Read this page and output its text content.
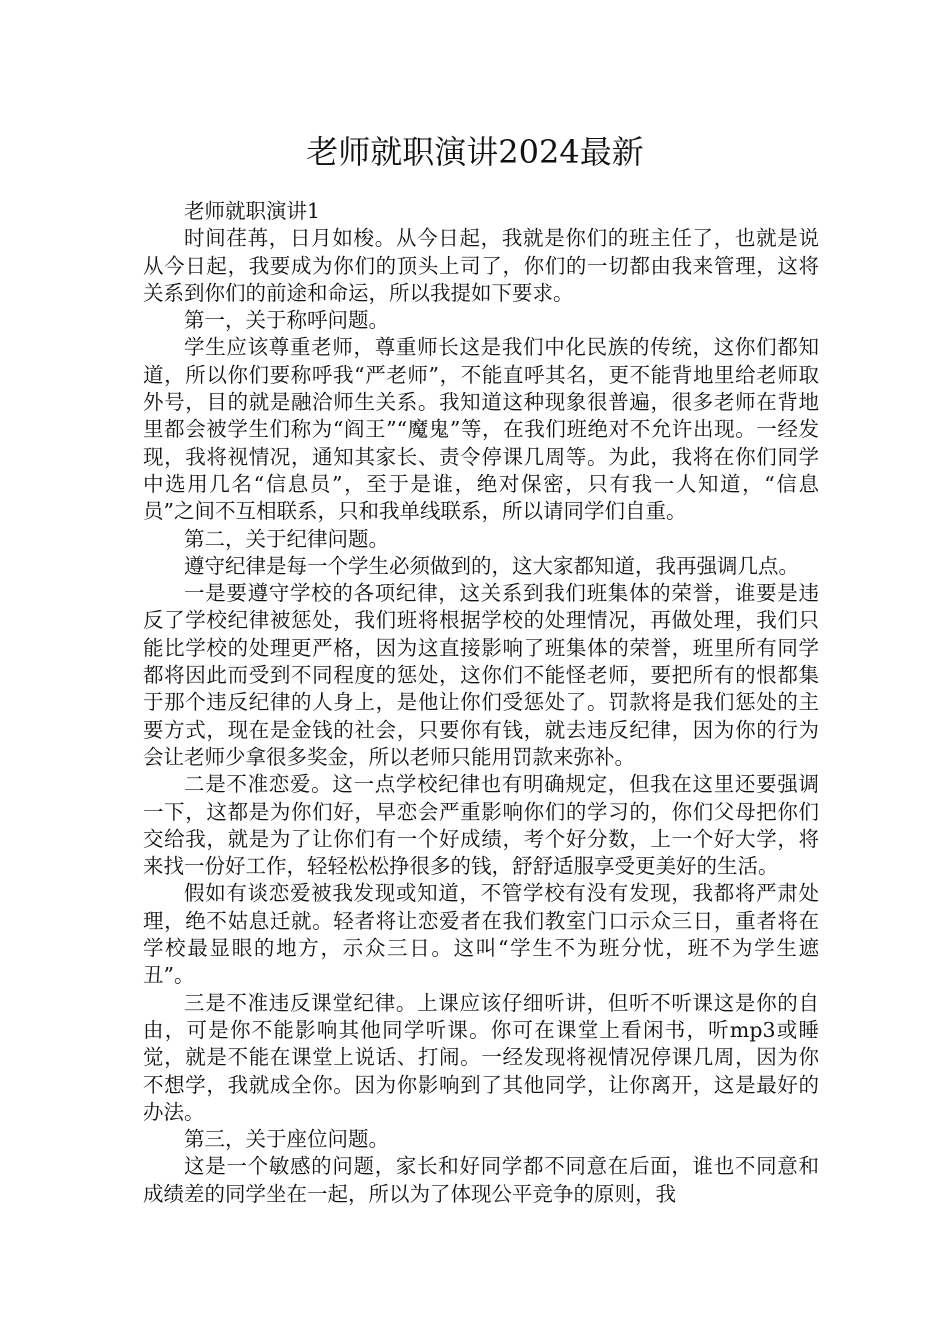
老师就职演讲2024最新

老师就职演讲1

时间荏苒，日月如梭。从今日起，我就是你们的班主任了，也就是说从今日起，我要成为你们的顶头上司了，你们的一切都由我来管理，这将关系到你们的前途和命运，所以我提如下要求。

第一，关于称呼问题。

学生应该尊重老师，尊重师长这是我们中化民族的传统，这你们都知道，所以你们要称呼我“严老师”，不能直呼其名，更不能背地里给老师取外号，目的就是融洽师生关系。我知道这种现象很普遍，很多老师在背地里都会被学生们称为“阎王”“魔鬼”等，在我们班绝对不允许出现。一经发现，我将视情况，通知其家长、责令停课几周等。为此，我将在你们同学中选用几名“信息员”，至于是谁，绝对保密，只有我一人知道，“信息员”之间不互相联系，只和我单线联系，所以请同学们自重。

第二，关于纪律问题。

遵守纪律是每一个学生必须做到的，这大家都知道，我再强调几点。

一是要遵守学校的各项纪律，这关系到我们班集体的荣誉，谁要是违反了学校纪律被惩处，我们班将根据学校的处理情况，再做处理，我们只能比学校的处理更严格，因为这直接影响了班集体的荣誉，班里所有同学都将因此而受到不同程度的惩处，这你们不能怪老师，要把所有的恨都集于那个违反纪律的人身上，是他让你们受惩处了。罚款将是我们惩处的主要方式，现在是金钱的社会，只要你有钱，就去违反纪律，因为你的行为会让老师少拿很多奖金，所以老师只能用罚款来弥补。

二是不准恋爱。这一点学校纪律也有明确规定，但我在这里还要强调一下，这都是为你们好，早恋会严重影响你们的学习的，你们父母把你们交给我，就是为了让你们有一个好成绩，考个好分数，上一个好大学，将来找一份好工作，轻轻松松挣很多的钱，舒舒适服享受更美好的生活。

假如有谈恋爱被我发现或知道，不管学校有没有发现，我都将严肃处理，绝不姑息迁就。轻者将让恋爱者在我们教室门口示众三日，重者将在学校最显眼的地方，示众三日。这叫“学生不为班分忧，班不为学生遮丑”。

三是不准违反课堂纪律。上课应该仔细听讲，但听不听课这是你的自由，可是你不能影响其他同学听课。你可在课堂上看闲书，听mp3或睡觉，就是不能在课堂上说话、打闹。一经发现将视情况停课几周，因为你不想学，我就成全你。因为你影响到了其他同学，让你离开，这是最好的办法。

第三，关于座位问题。

这是一个敏感的问题，家长和好同学都不同意在后面，谁也不同意和成绩差的同学坐在一起，所以为了体现公平竞争的原则，我
